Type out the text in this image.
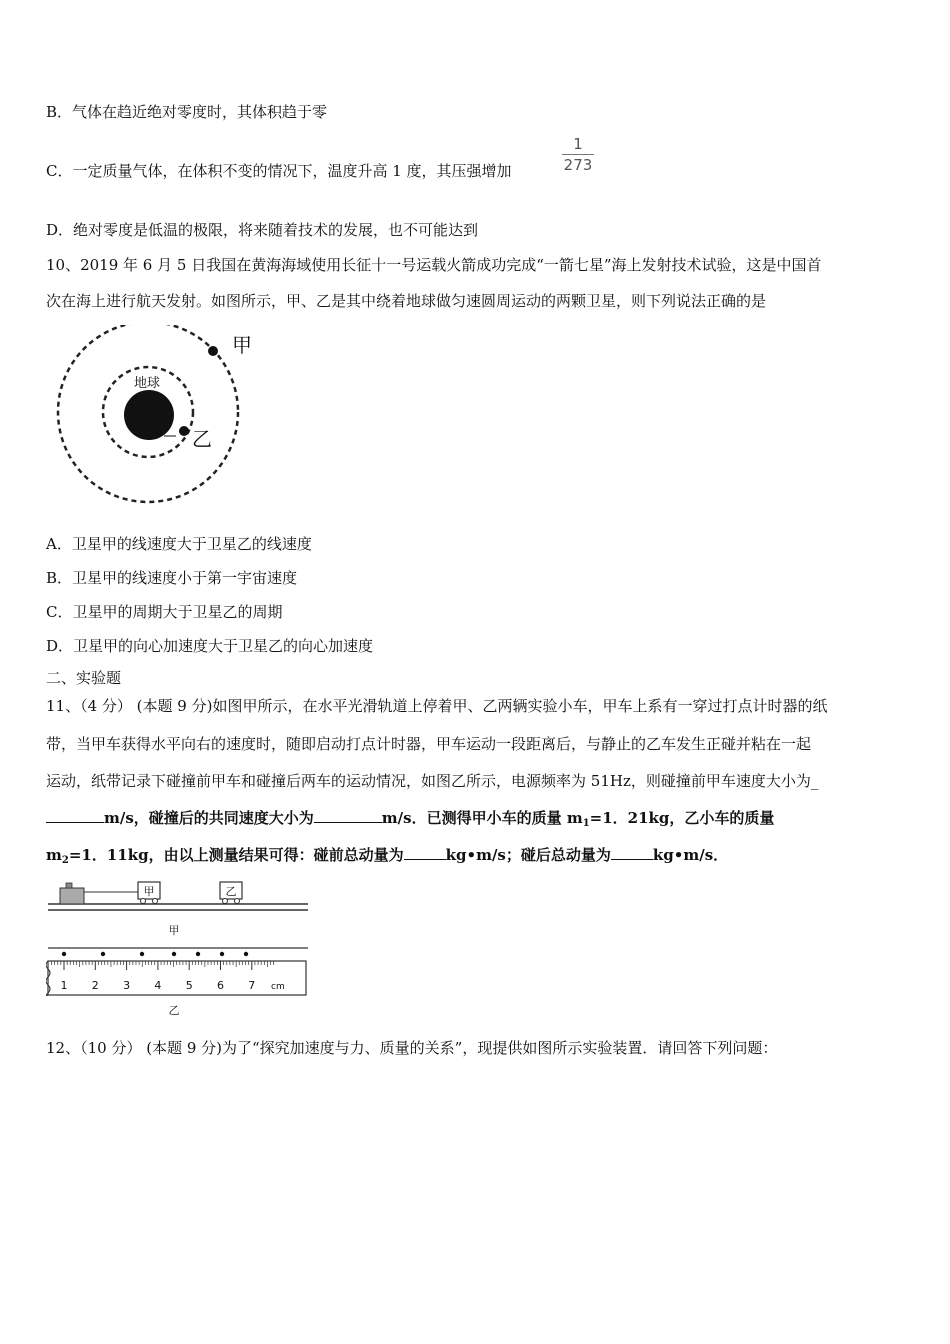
B．气体在趋近绝对零度时，其体积趋于零
C．一定质量气体，在体积不变的情况下，温度升高 1 度，其压强增加
1
273
D．绝对零度是低温的极限，将来随着技术的发展，也不可能达到
10、2019 年 6 月 5 日我国在黄海海域使用长征十一号运载火箭成功完成“一箭七星”海上发射技术试验，这是中国首
次在海上进行航天发射。如图所示，甲、乙是其中绕着地球做匀速圆周运动的两颗卫星，则下列说法正确的是
地球
甲
乙
A．卫星甲的线速度大于卫星乙的线速度
B．卫星甲的线速度小于第一宇宙速度
C．卫星甲的周期大于卫星乙的周期
D．卫星甲的向心加速度大于卫星乙的向心加速度
二、实验题
11、（4 分） (本题 9 分)如图甲所示，在水平光滑轨道上停着甲、乙两辆实验小车，甲车上系有一穿过打点计时器的纸
带，当甲车获得水平向右的速度时，随即启动打点计时器，甲车运动一段距离后，与静止的乙车发生正碰并粘在一起
运动，纸带记录下碰撞前甲车和碰撞后两车的运动情况，如图乙所示，电源频率为 51Hz，则碰撞前甲车速度大小为_
m/s，碰撞后的共同速度大小为	m/s．已测得甲小车的质量 $m_1=1$．21kg，乙小车的质量
$m_2=1$．11kg，由以上测量结果可得：碰前总动量为	kg•m/s；碰后总动量为	kg•m/s．
甲	乙
甲
1 2 3 4 5 6 7 cm
乙
12、（10 分） (本题 9 分)为了“探究加速度与力、质量的关系”，现提供如图所示实验装置．请回答下列问题：
